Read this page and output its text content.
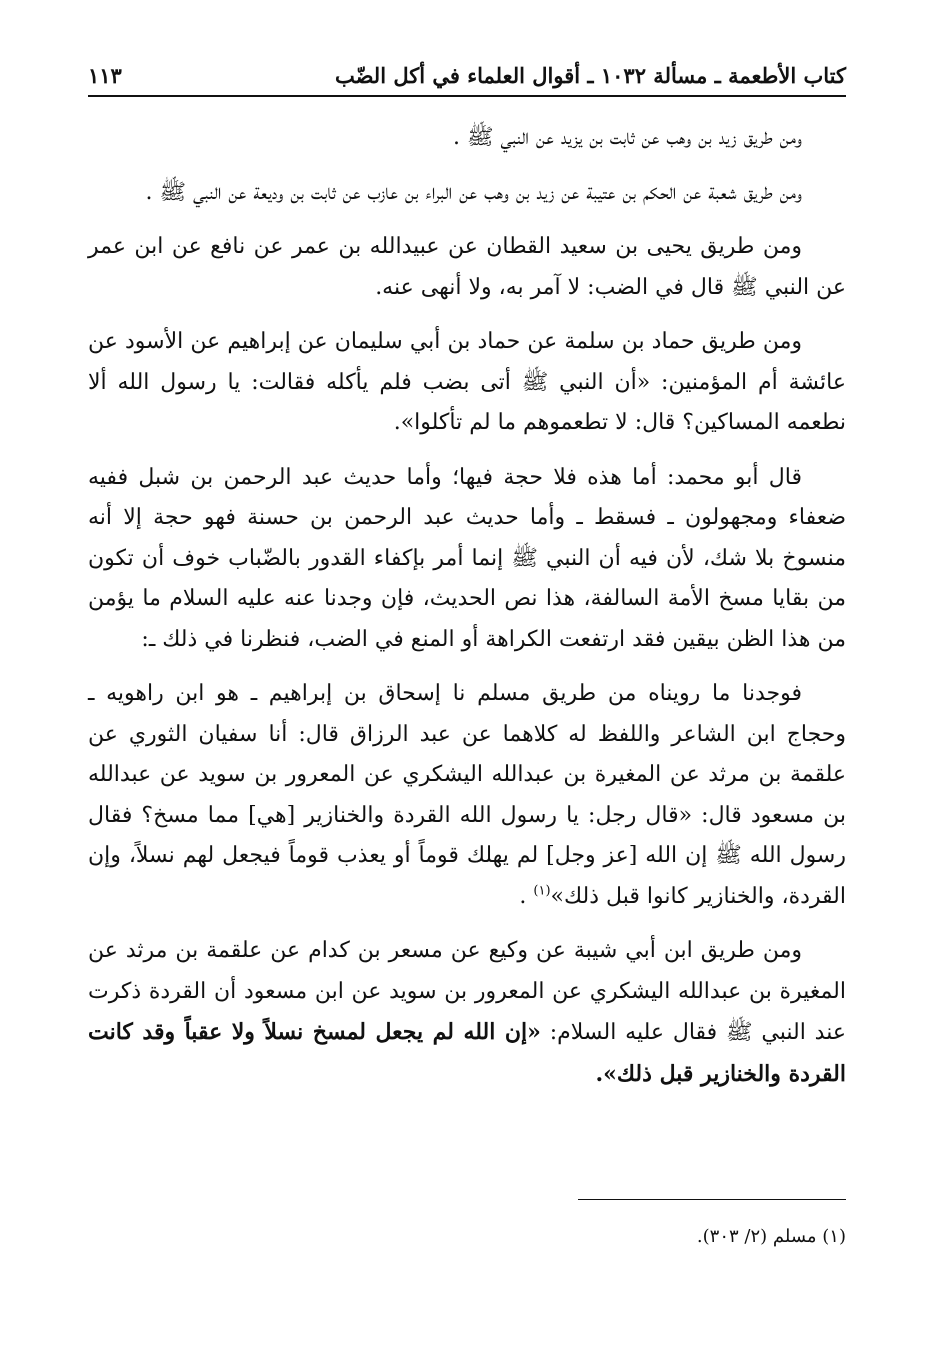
كتاب الأطعمة ـ مسألة ١٠٣٢ ـ أقوال العلماء في أكل الضّب
١١٣

ومن طريق زيد بن وهب عن ثابت بن يزيد عن النبي ﷺ .

ومن طريق شعبة عن الحكم بن عتيبة عن زيد بن وهب عن البراء بن عازب عن ثابت بن وديعة عن النبي ﷺ .

ومن طريق يحيى بن سعيد القطان عن عبيدالله بن عمر عن نافع عن ابن عمر عن النبي ﷺ قال في الضب: لا آمر به، ولا أنهى عنه.

ومن طريق حماد بن سلمة عن حماد بن أبي سليمان عن إبراهيم عن الأسود عن عائشة أم المؤمنين: «أن النبي ﷺ أتى بضب فلم يأكله فقالت: يا رسول الله ألا نطعمه المساكين؟ قال: لا تطعموهم ما لم تأكلوا».

قال أبو محمد: أما هذه فلا حجة فيها؛ وأما حديث عبد الرحمن بن شبل ففيه ضعفاء ومجهولون ـ فسقط ـ وأما حديث عبد الرحمن بن حسنة فهو حجة إلا أنه منسوخ بلا شك، لأن فيه أن النبي ﷺ إنما أمر بإكفاء القدور بالضّباب خوف أن تكون من بقايا مسخ الأمة السالفة، هذا نص الحديث، فإن وجدنا عنه عليه السلام ما يؤمن من هذا الظن بيقين فقد ارتفعت الكراهة أو المنع في الضب، فنظرنا في ذلك ـ:

فوجدنا ما رويناه من طريق مسلم نا إسحاق بن إبراهيم ـ هو ابن راهويه ـ وحجاج ابن الشاعر واللفظ له كلاهما عن عبد الرزاق قال: أنا سفيان الثوري عن علقمة بن مرثد عن المغيرة بن عبدالله اليشكري عن المعرور بن سويد عن عبدالله بن مسعود قال: «قال رجل: يا رسول الله القردة والخنازير [هي] مما مسخ؟ فقال رسول الله ﷺ إن الله [عز وجل] لم يهلك قوماً أو يعذب قوماً فيجعل لهم نسلاً، وإن القردة، والخنازير كانوا قبل ذلك»$^{(١)}$ .

ومن طريق ابن أبي شيبة عن وكيع عن مسعر بن كدام عن علقمة بن مرثد عن المغيرة بن عبدالله اليشكري عن المعرور بن سويد عن ابن مسعود أن القردة ذكرت عند النبي ﷺ فقال عليه السلام: «إن الله لم يجعل لمسخ نسلاً ولا عقباً وقد كانت القردة والخنازير قبل ذلك».

(١) مسلم (٢/ ٣٠٣).
